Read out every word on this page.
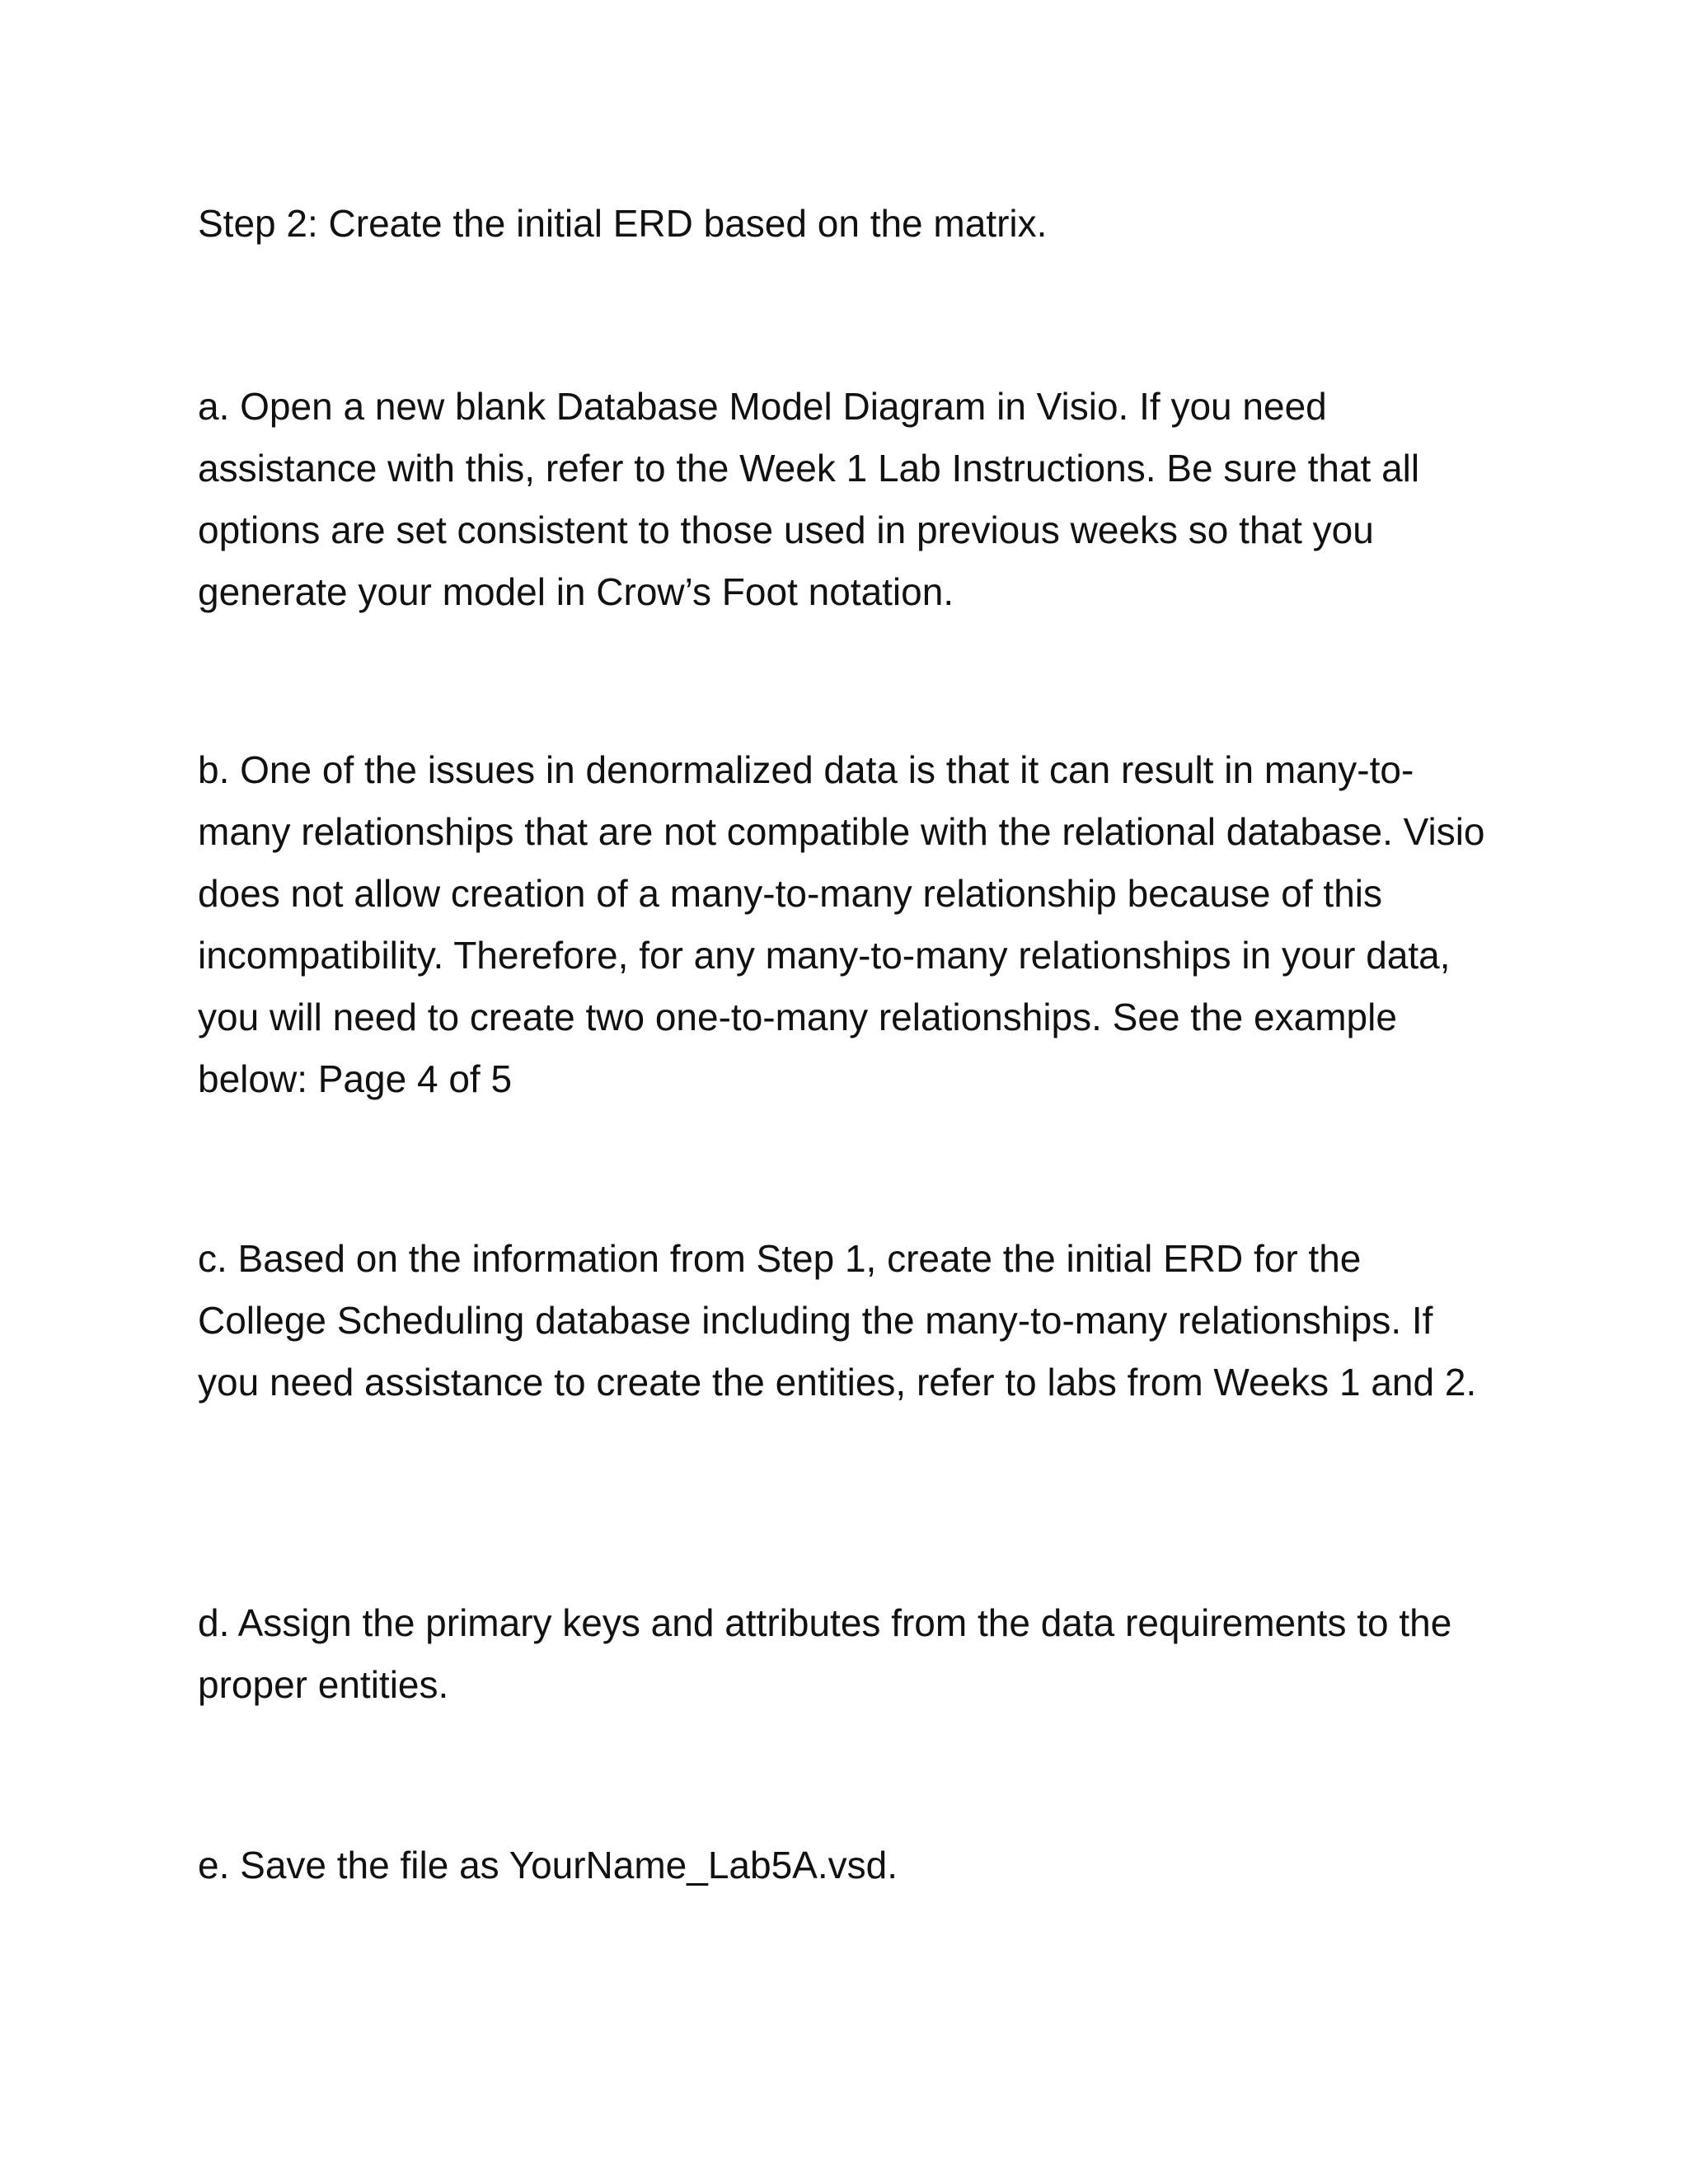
Step 2: Create the initial ERD based on the matrix.

a. Open a new blank Database Model Diagram in Visio. If you need assistance with this, refer to the Week 1 Lab Instructions. Be sure that all options are set consistent to those used in previous weeks so that you generate your model in Crow’s Foot notation.

b. One of the issues in denormalized data is that it can result in many-to-many relationships that are not compatible with the relational database. Visio does not allow creation of a many-to-many relationship because of this incompatibility. Therefore, for any many-to-many relationships in your data, you will need to create two one-to-many relationships. See the example below: Page 4 of 5

c. Based on the information from Step 1, create the initial ERD for the College Scheduling database including the many-to-many relationships. If you need assistance to create the entities, refer to labs from Weeks 1 and 2.

d. Assign the primary keys and attributes from the data requirements to the proper entities.

e. Save the file as YourName_Lab5A.vsd.
